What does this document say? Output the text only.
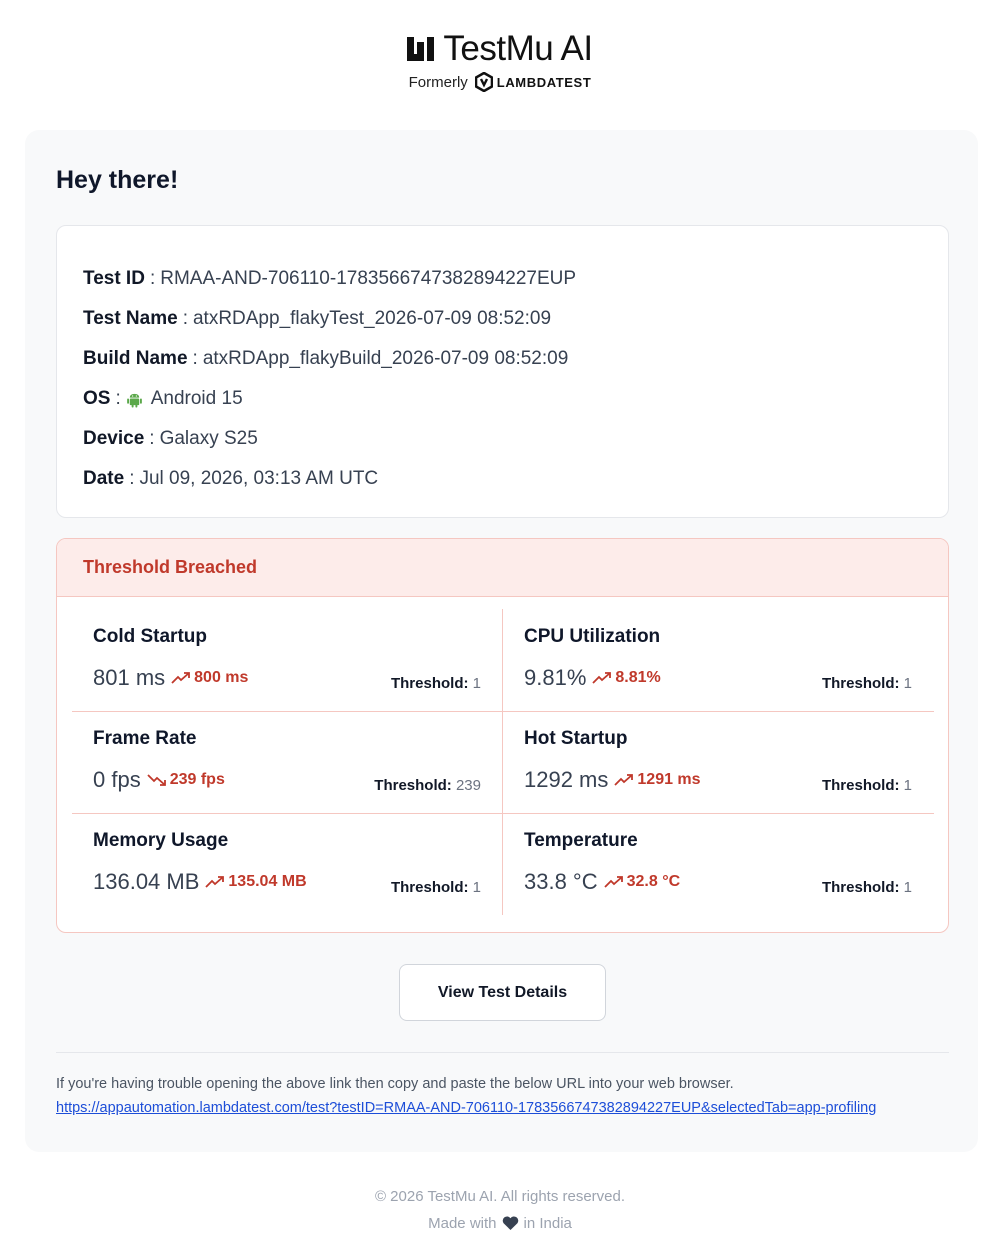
TestMu AI
Formerly LAMBDATEST
Hey there!
Test ID : RMAA-AND-706110-1783566747382894227EUP
Test Name : atxRDApp_flakyTest_2026-07-09 08:52:09
Build Name : atxRDApp_flakyBuild_2026-07-09 08:52:09
OS : Android 15
Device : Galaxy S25
Date : Jul 09, 2026, 03:13 AM UTC
Threshold Breached
Cold Startup
801 ms 800 ms	Threshold: 1
CPU Utilization
9.81% 8.81%	Threshold: 1
Frame Rate
0 fps 239 fps	Threshold: 239
Hot Startup
1292 ms 1291 ms	Threshold: 1
Memory Usage
136.04 MB 135.04 MB	Threshold: 1
Temperature
33.8 °C 32.8 °C	Threshold: 1
View Test Details
If you're having trouble opening the above link then copy and paste the below URL into your web browser.
https://appautomation.lambdatest.com/test?testID=RMAA-AND-706110-1783566747382894227EUP&selectedTab=app-profiling
© 2026 TestMu AI. All rights reserved.
Made with in India
